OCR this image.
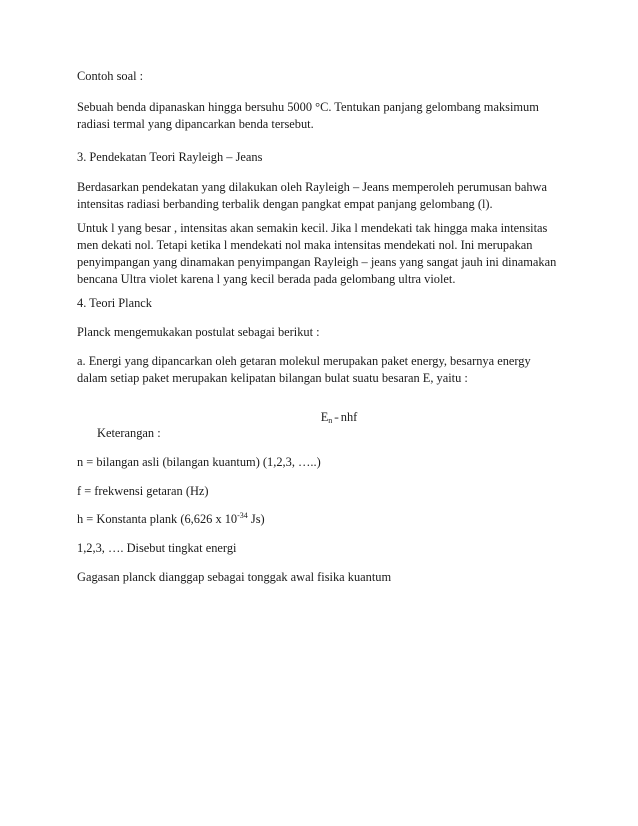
Contoh soal :

Sebuah benda dipanaskan hingga bersuhu 5000 °C. Tentukan panjang gelombang maksimum
radiasi termal yang dipancarkan benda tersebut.

3. Pendekatan Teori Rayleigh – Jeans

Berdasarkan pendekatan yang dilakukan oleh Rayleigh – Jeans memperoleh perumusan bahwa
intensitas radiasi berbanding terbalik dengan pangkat empat panjang gelombang (l).

Untuk l yang besar , intensitas akan semakin kecil. Jika l mendekati tak hingga maka intensitas
men dekati nol. Tetapi ketika l mendekati nol maka intensitas mendekati nol. Ini merupakan
penyimpangan yang dinamakan penyimpangan Rayleigh – jeans yang sangat jauh ini dinamakan
bencana Ultra violet karena l yang kecil berada pada gelombang ultra violet.

4. Teori Planck

Planck mengemukakan postulat sebagai berikut :

a. Energi yang dipancarkan oleh getaran molekul merupakan paket energy, besarnya energy
dalam setiap paket merupakan kelipatan bilangan bulat suatu besaran E, yaitu :

$E_n$ = nhf

Keterangan :

n = bilangan asli (bilangan kuantum) (1,2,3, …..)

f = frekwensi getaran (Hz)

h = Konstanta plank (6,626 x $10^{-34}$ Js)

1,2,3, …. Disebut tingkat energi

Gagasan planck dianggap sebagai tonggak awal fisika kuantum
